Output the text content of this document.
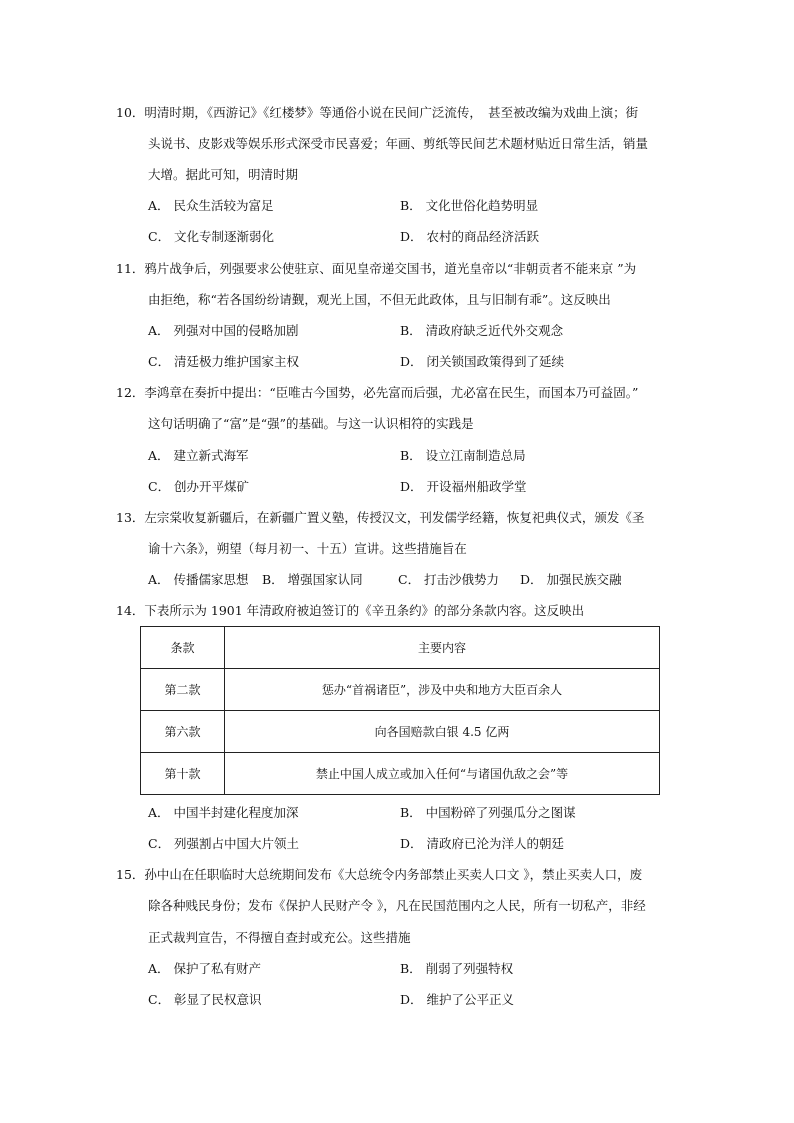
10．明清时期，《西游记》《红楼梦》等通俗小说在民间广泛流传，　甚至被改编为戏曲上演；街
头说书、皮影戏等娱乐形式深受市民喜爱；年画、剪纸等民间艺术题材贴近日常生活，销量
大增。据此可知，明清时期
A． 民众生活较为富足	B． 文化世俗化趋势明显
C． 文化专制逐渐弱化	D． 农村的商品经济活跃
11．鸦片战争后，列强要求公使驻京、面见皇帝递交国书，道光皇帝以“非朝贡者不能来京 ”为
由拒绝，称“若各国纷纷请觐，观光上国，不但无此政体，且与旧制有乖”。这反映出
A． 列强对中国的侵略加剧	B． 清政府缺乏近代外交观念
C． 清廷极力维护国家主权	D． 闭关锁国政策得到了延续
12．李鸿章在奏折中提出：“臣唯古今国势，必先富而后强，尤必富在民生，而国本乃可益固。”
这句话明确了“富”是“强”的基础。与这一认识相符的实践是
A． 建立新式海军	B． 设立江南制造总局
C． 创办开平煤矿	D． 开设福州船政学堂
13．左宗棠收复新疆后，在新疆广置义塾，传授汉文，刊发儒学经籍，恢复祀典仪式，颁发《圣
谕十六条》，朔望（每月初一、十五）宣讲。这些措施旨在
A． 传播儒家思想 B． 增强国家认同	C． 打击沙俄势力 D． 加强民族交融
14．下表所示为 1901 年清政府被迫签订的《辛丑条约》的部分条款内容。这反映出
条款	主要内容
第二款	惩办“首祸诸臣”，涉及中央和地方大臣百余人
第六款	向各国赔款白银 4.5 亿两
第十款	禁止中国人成立或加入任何“与诸国仇敌之会”等
A． 中国半封建化程度加深	B． 中国粉碎了列强瓜分之图谋
C． 列强割占中国大片领土	D． 清政府已沦为洋人的朝廷
15．孙中山在任职临时大总统期间发布《大总统令内务部禁止买卖人口文 》，禁止买卖人口，废
除各种贱民身份；发布《保护人民财产令 》，凡在民国范围内之人民，所有一切私产，非经
正式裁判宣告，不得擅自查封或充公。这些措施
A． 保护了私有财产	B． 削弱了列强特权
C． 彰显了民权意识	D． 维护了公平正义
